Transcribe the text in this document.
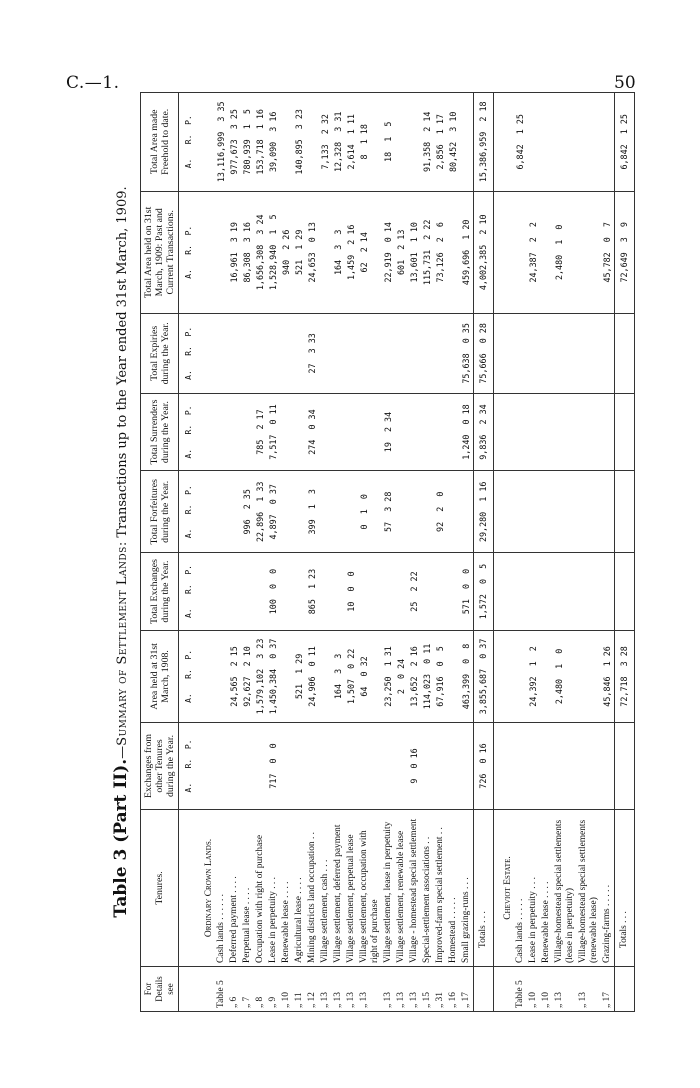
C.—1.	50
Table 3 (Part II).—Summary of Settlement Lands: Transactions up to the Year ended 31st March, 1909.
For Details see	Tenures.	Exchanges from other Tenures during the Year.	Area held at 31st March, 1908.	Total Exchanges during the Year.	Total Forfeitures during the Year.	Total Surrenders during the Year.	Total Expiries during the Year.	Total Area held on 31st March, 1909: Past and Current Transactions.	Total Area made Freehold to date.
		A.   R.  P.	A.   R.  P.	A.   R.  P.	A.   R.  P.	A.   R.  P.	A.   R.  P.	A.   R.  P.	A.   R.  P.
	Ordinary Crown Lands.								
Table 5	Cash lands . . . . . .								13,116,999  3 35
„ 6	Deferred payment . . . .		24,565  2 15					16,961  3 19	977,673  3 25
„ 7	Perpetual lease . . . .		92,627  2 10		996  2 35			86,308  3 16	780,939  1  5
„ 8	Occupation with right of purchase		1,579,102  3 23		22,896  1 33	785  2 17		1,656,308  3 24	153,718  1 16
„ 9	Lease in perpetuity . . .	717  0  0	1,450,384  0 37	100  0  0	4,897  0 37	7,517  0 11		1,528,940  1  5	39,090  3 16
„ 10	Renewable lease . . . .							940  2 26	
„ 11	Agricultural lease . . . .		521  1 29					521  1 29	140,895  3 23
„ 12	Mining districts land occupation . .		24,906  0 11	865  1 23	399  1  3	274  0 34	27  3 33	24,653  0 13	
„ 13	Village settlement, cash . . .								7,133  2 32
„ 13	Village settlement, deferred payment		164  3  3					164  3  3	12,328  3 31
„ 13	Village settlement, perpetual lease		1,507  0 22	10  0  0				1,459  2 16	2,614  1 11
„ 13	Village settlement, occupation with right of purchase		64  0 32		0  1  0			62  2 14	8  1 18
„ 13	Village settlement, lease in perpetuity		23,250  1 31		57  3 28	19  2 34		22,919  0 14	18  1  5
„ 13	Village settlement, renewable lease		2  0 24					601  2 13	
„ 13	Village - homestead special settlement	9  0 16	13,652  2 16	25  2 22				13,601  1 10	
„ 15	Special-settlement associations . .		114,023  0 11					115,731  2 22	91,358  2 14
„ 31	Improved-farm special settlement . .		67,916  0  5		92  2  0			73,126  2  6	2,856  1 17
„ 16	Homestead . . . . .								80,452  3 10
„ 17	Small grazing-runs . . .		463,399  0  8	571  0  0		1,240  0 18	75,638  0 35	459,696  1 20	
	Totals . . .	726  0 16	3,855,687  0 37	1,572  0  5	29,280  1 16	9,836  2 34	75,666  0 28	4,002,385  2 10	15,386,959  2 18
	Cheviot Estate.								
Table 5	Cash lands . . . . .								6,842  1 25
„ 10	Lease in perpetuity . . .		24,392  1  2					24,387  2  2	
„ 10	Renewable lease . . . .								
„ 13	Village-homestead special settlements (lease in perpetuity)		2,480  1  0					2,480  1  0	
„ 13	Village-homestead special settlements (renewable lease)								
„ 17	Grazing-farms . . . . .		45,846  1 26					45,782  0  7	
	Totals . . .		72,718  3 28					72,649  3  9	6,842  1 25
